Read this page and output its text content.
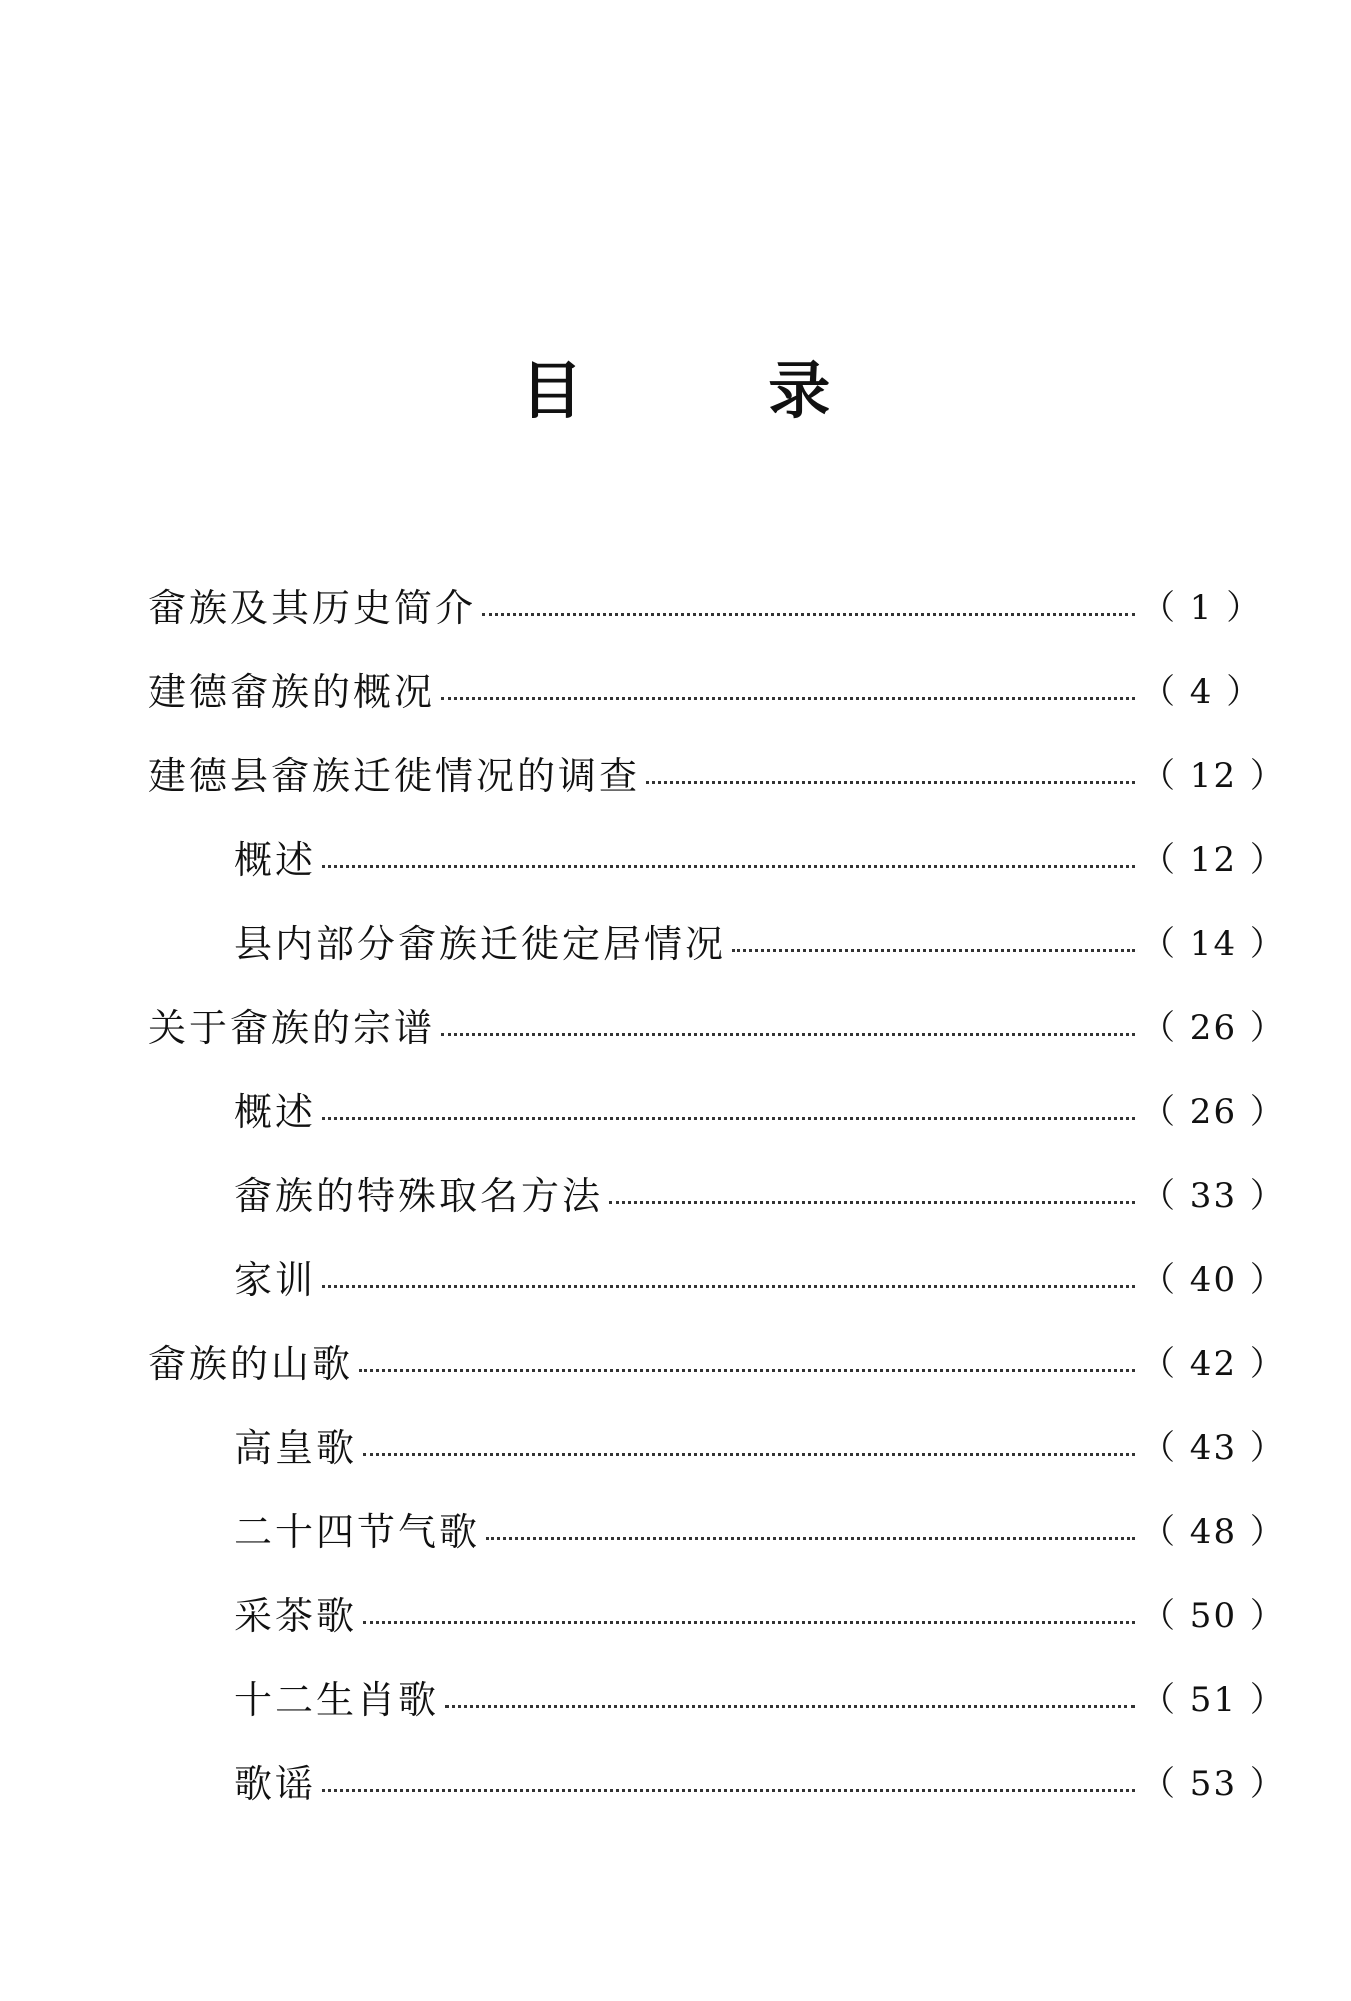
目 录
畲族及其历史简介	（ 1 ）
建德畲族的概况	（ 4 ）
建德县畲族迁徙情况的调查	（ 12 ）
概述	（ 12 ）
县内部分畲族迁徙定居情况	（ 14 ）
关于畲族的宗谱	（ 26 ）
概述	（ 26 ）
畲族的特殊取名方法	（ 33 ）
家训	（ 40 ）
畲族的山歌	（ 42 ）
高皇歌	（ 43 ）
二十四节气歌	（ 48 ）
采茶歌	（ 50 ）
十二生肖歌	（ 51 ）
歌谣	（ 53 ）
